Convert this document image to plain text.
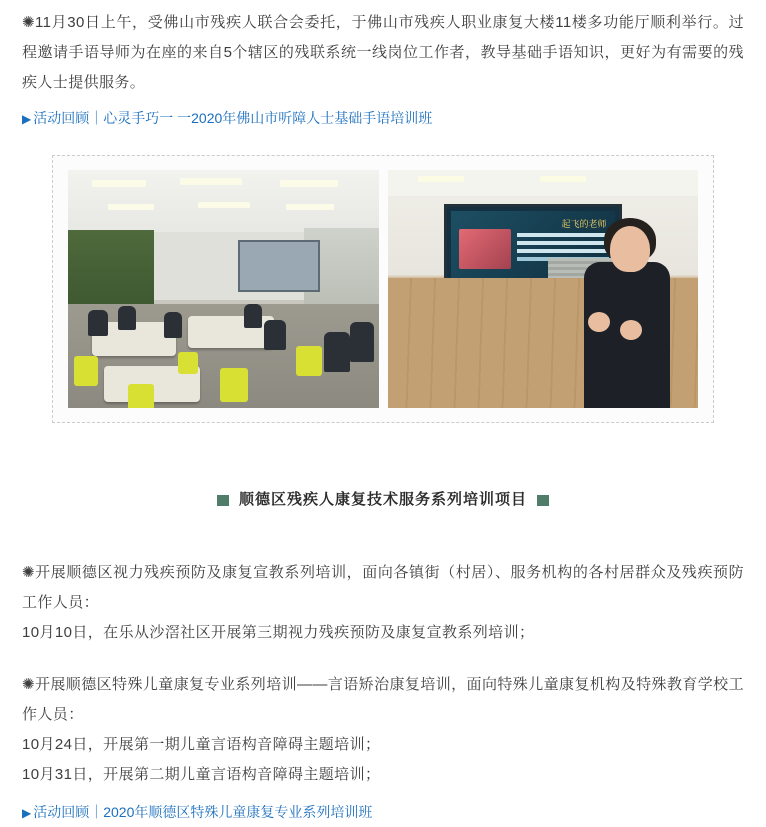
✺11月30日上午，受佛山市残疾人联合会委托，于佛山市残疾人职业康复大楼11楼多功能厅顺利举行。过程邀请手语导师为在座的来自5个辖区的残联系统一线岗位工作者，教导基础手语知识，更好为有需要的残疾人士提供服务。
▶ 活动回顾｜心灵手巧一 一2020年佛山市听障人士基础手语培训班
起飞的老师
顺德区残疾人康复技术服务系列培训项目
✺开展顺德区视力残疾预防及康复宣教系列培训，面向各镇街（村居）、服务机构的各村居群众及残疾预防工作人员：
10月10日，在乐从沙滘社区开展第三期视力残疾预防及康复宣教系列培训；
✺开展顺德区特殊儿童康复专业系列培训——言语矫治康复培训，面向特殊儿童康复机构及特殊教育学校工作人员：
10月24日，开展第一期儿童言语构音障碍主题培训；
10月31日，开展第二期儿童言语构音障碍主题培训；
▶ 活动回顾｜2020年顺德区特殊儿童康复专业系列培训班
